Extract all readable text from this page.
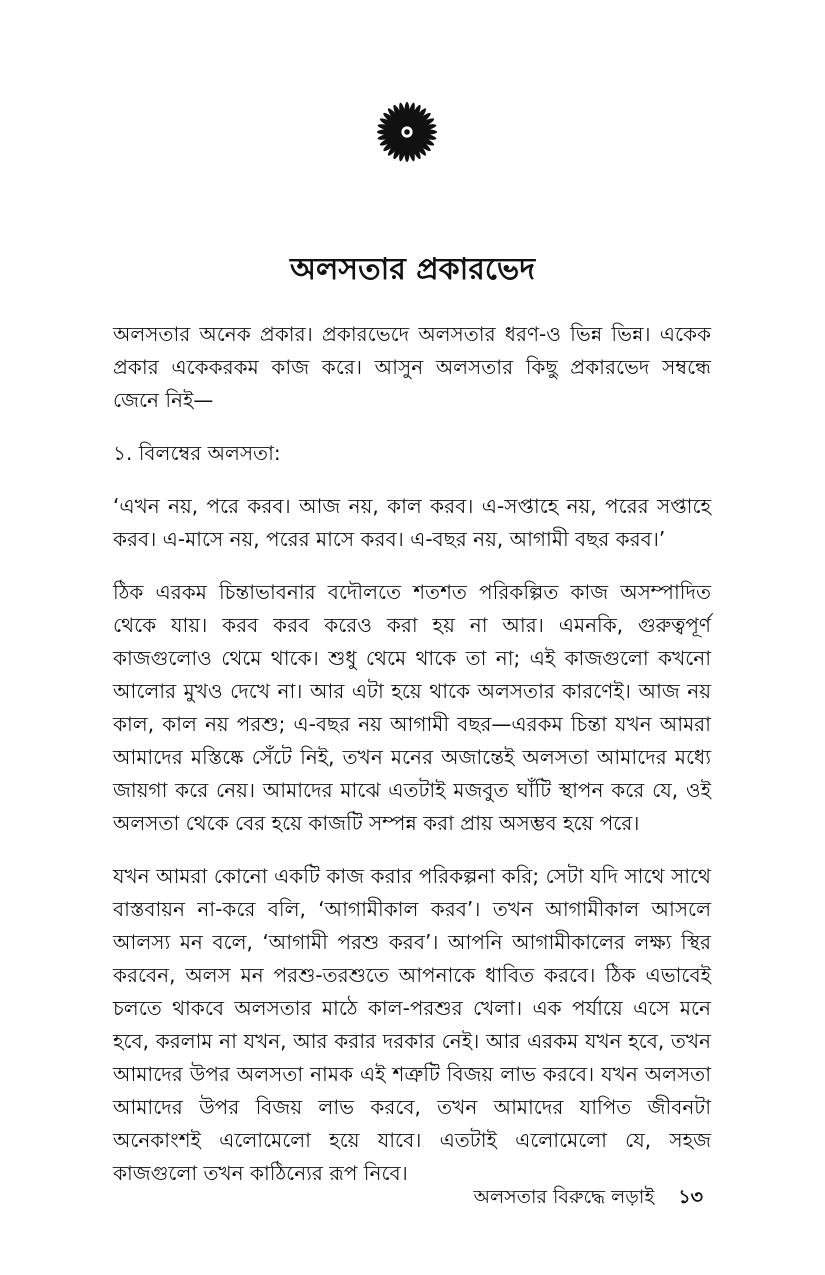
অলসতার প্রকারভেদ

অলসতার অনেক প্রকার। প্রকারভেদে অলসতার ধরণ-ও ভিন্ন ভিন্ন। একেক প্রকার একেকরকম কাজ করে। আসুন অলসতার কিছু প্রকারভেদ সম্বন্ধে জেনে নিই—

১. বিলম্বের অলসতা:

‘এখন নয়, পরে করব। আজ নয়, কাল করব। এ-সপ্তাহে নয়, পরের সপ্তাহে করব। এ-মাসে নয়, পরের মাসে করব। এ-বছর নয়, আগামী বছর করব।’

ঠিক এরকম চিন্তাভাবনার বদৌলতে শতশত পরিকল্পিত কাজ অসম্পাদিত থেকে যায়। করব করব করেও করা হয় না আর। এমনকি, গুরুত্বপূর্ণ কাজগুলোও থেমে থাকে। শুধু থেমে থাকে তা না; এই কাজগুলো কখনো আলোর মুখও দেখে না। আর এটা হয়ে থাকে অলসতার কারণেই। আজ নয় কাল, কাল নয় পরশু; এ-বছর নয় আগামী বছর—এরকম চিন্তা যখন আমরা আমাদের মস্তিষ্কে সেঁটে নিই, তখন মনের অজান্তেই অলসতা আমাদের মধ্যে জায়গা করে নেয়। আমাদের মাঝে এতটাই মজবুত ঘাঁটি স্থাপন করে যে, ওই অলসতা থেকে বের হয়ে কাজটি সম্পন্ন করা প্রায় অসম্ভব হয়ে পরে।

যখন আমরা কোনো একটি কাজ করার পরিকল্পনা করি; সেটা যদি সাথে সাথে বাস্তবায়ন না-করে বলি, ‘আগামীকাল করব’। তখন আগামীকাল আসলে আলস্য মন বলে, ‘আগামী পরশু করব’। আপনি আগামীকালের লক্ষ্য স্থির করবেন, অলস মন পরশু-তরশুতে আপনাকে ধাবিত করবে। ঠিক এভাবেই চলতে থাকবে অলসতার মাঠে কাল-পরশুর খেলা। এক পর্যায়ে এসে মনে হবে, করলাম না যখন, আর করার দরকার নেই। আর এরকম যখন হবে, তখন আমাদের উপর অলসতা নামক এই শত্রুটি বিজয় লাভ করবে। যখন অলসতা আমাদের উপর বিজয় লাভ করবে, তখন আমাদের যাপিত জীবনটা অনেকাংশই এলোমেলো হয়ে যাবে। এতটাই এলোমেলো যে, সহজ কাজগুলো তখন কাঠিন্যের রূপ নিবে।

অলসতার বিরুদ্ধে লড়াই ১৩
